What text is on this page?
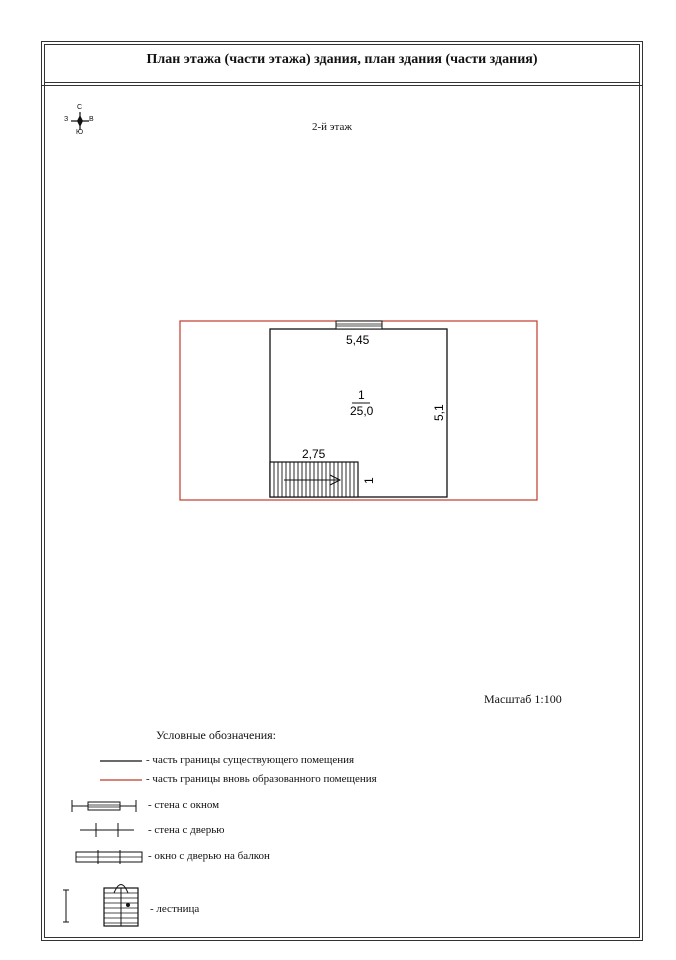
План этажа (части этажа) здания, план здания (части здания)
С
Ю
З	В
2-й этаж
5,45
1
25,0
2,75
5,1
1
Масштаб 1:100
Условные обозначения:
- часть границы существующего помещения
- часть границы вновь образованного помещения
- стена с окном
- стена с дверью
- окно с дверью на балкон
- лестница
